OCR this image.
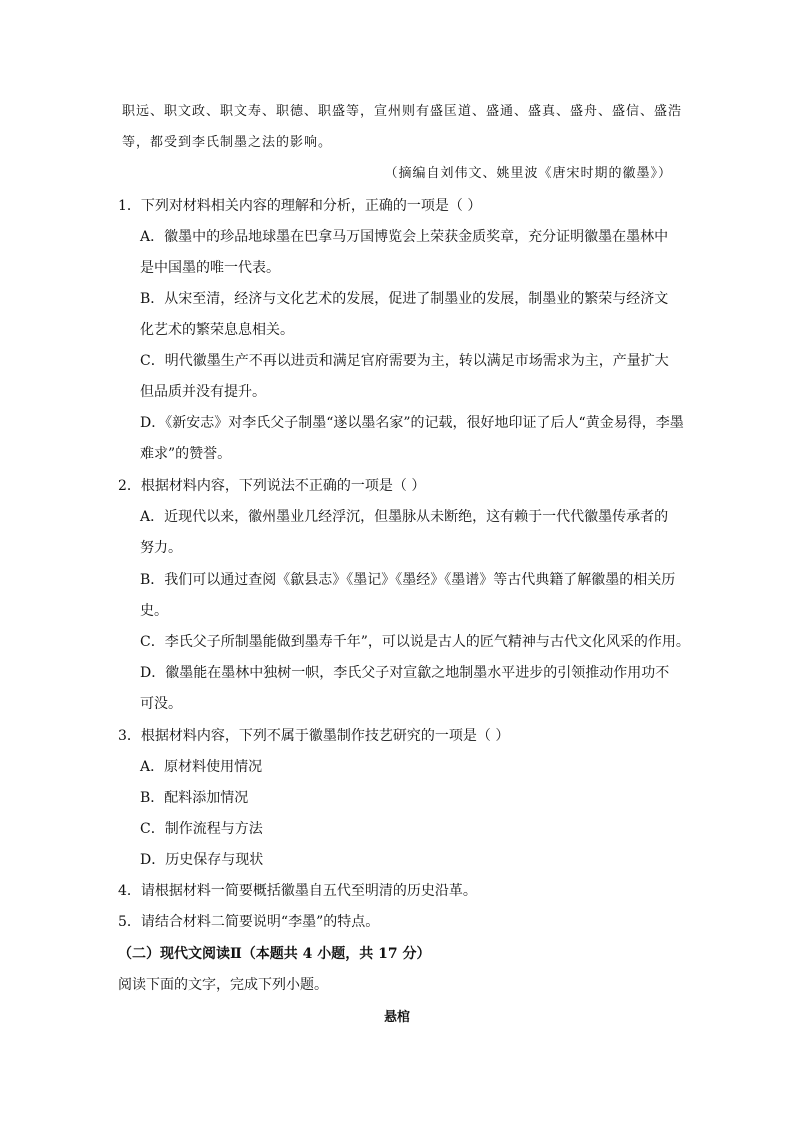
职远、职文政、职文寿、职德、职盛等，宣州则有盛匡道、盛通、盛真、盛舟、盛信、盛浩
等，都受到李氏制墨之法的影响。
（摘编自刘伟文、姚里波《唐宋时期的徽墨》）
1．下列对材料相关内容的理解和分析，正确的一项是（ ）
A．徽墨中的珍品地球墨在巴拿马万国博览会上荣获金质奖章，充分证明徽墨在墨林中
是中国墨的唯一代表。
B．从宋至清，经济与文化艺术的发展，促进了制墨业的发展，制墨业的繁荣与经济文
化艺术的繁荣息息相关。
C．明代徽墨生产不再以进贡和满足官府需要为主，转以满足市场需求为主，产量扩大
但品质并没有提升。
D．《新安志》对李氏父子制墨“遂以墨名家”的记载，很好地印证了后人“黄金易得，李墨
难求”的赞誉。
2．根据材料内容，下列说法不正确的一项是（ ）
A．近现代以来，徽州墨业几经浮沉，但墨脉从未断绝，这有赖于一代代徽墨传承者的
努力。
B．我们可以通过查阅《歙县志》《墨记》《墨经》《墨谱》等古代典籍了解徽墨的相关历
史。
C．李氏父子所制墨能做到墨寿千年”，可以说是古人的匠气精神与古代文化风采的作用。
D．徽墨能在墨林中独树一帜，李氏父子对宣歙之地制墨水平进步的引领推动作用功不
可没。
3．根据材料内容，下列不属于徽墨制作技艺研究的一项是（ ）
A．原材料使用情况
B．配料添加情况
C．制作流程与方法
D．历史保存与现状
4．请根据材料一简要概括徽墨自五代至明清的历史沿革。
5．请结合材料二简要说明“李墨”的特点。
（二）现代文阅读Ⅱ（本题共 4 小题，共 17 分）
阅读下面的文字，完成下列小题。
悬棺
